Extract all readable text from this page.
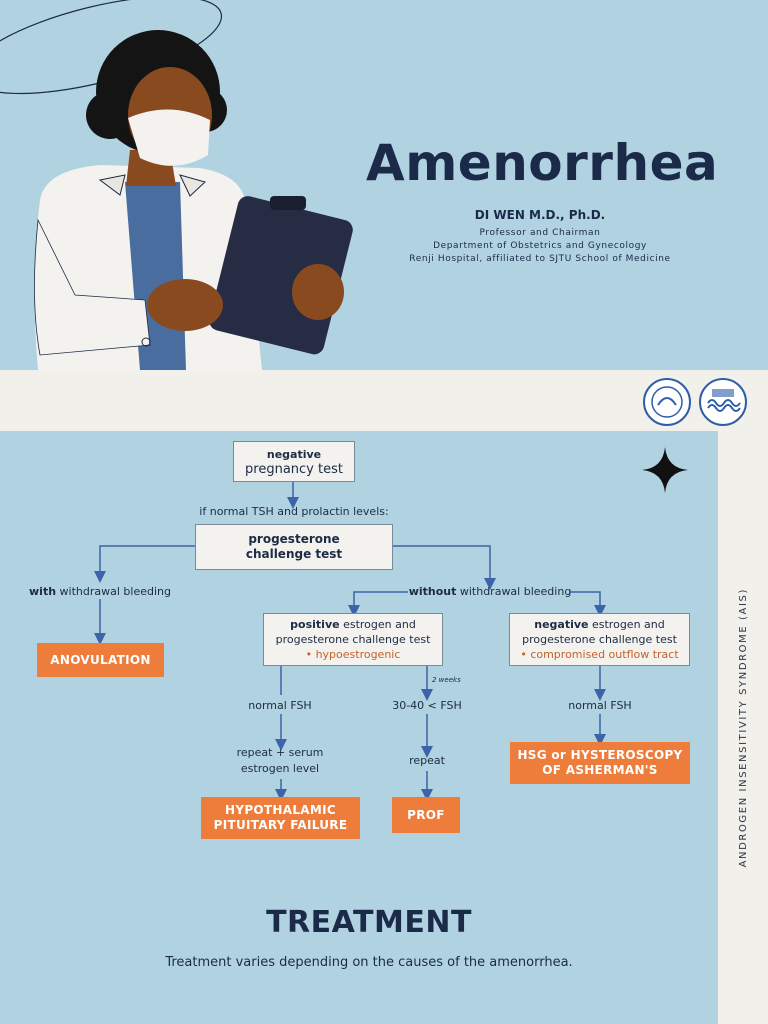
ANDROGEN INSENSITIVITY SYNDROME (AIS)
Amenorrhea
DI WEN M.D., Ph.D.
Professor and Chairman
Department of Obstetrics and Gynecology
Renji Hospital, affiliated to SJTU School of Medicine
negative
pregnancy test
if normal TSH and prolactin levels:
progesterone
challenge test
with withdrawal bleeding
ANOVULATION
without withdrawal bleeding
positive estrogen and
progesterone challenge test
• hypoestrogenic
negative estrogen and
progesterone challenge test
• compromised outflow tract
normal FSH
repeat + serum
estrogen level
HYPOTHALAMIC
PITUITARY FAILURE
2 weeks
30-40 < FSH
repeat
PROF
normal FSH
HSG or HYSTEROSCOPY
OF ASHERMAN'S
TREATMENT
Treatment varies depending on the causes of the amenorrhea.
